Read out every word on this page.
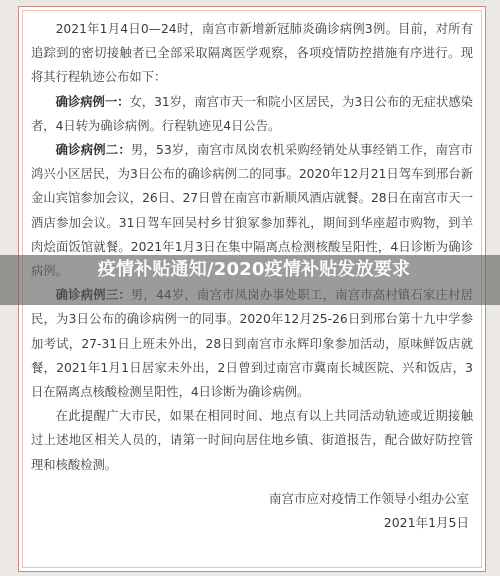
2021年1月4日0—24时，南宫市新增新冠肺炎确诊病例3例。目前，对所有追踪到的密切接触者已全部采取隔离医学观察，各项疫情防控措施有序进行。现将其行程轨迹公布如下：

确诊病例一：女，31岁，南宫市天一和院小区居民，为3日公布的无症状感染者，4日转为确诊病例。行程轨迹见4日公告。

确诊病例二：男，53岁，南宫市凤岗农机采购经销处从事经销工作，南宫市鸿兴小区居民，为3日公布的确诊病例二的同事。2020年12月21日驾车到邢台新金山宾馆参加会议，26日、27日曾在南宫市新顺风酒店就餐。28日在南宫市天一酒店参加会议。31日驾车回吴村乡甘狼冢参加葬礼，期间到华座超市购物，到羊肉烩面饭馆就餐。2021年1月3日在集中隔离点检测核酸呈阳性，4日诊断为确诊

民，为3日公布的确诊病例一的同事。2020年12月25-26日到邢台第十九中学参加考试，27-31日上班未外出，28日到南宫市永辉印象参加活动，原味鲜饭店就餐，2021年1月1日居家未外出，2日曾到过南宫市冀南长城医院、兴和饭店，3日在隔离点核酸检测呈阳性，4日诊断为确诊病例。

在此提醒广大市民，如果在相同时间、地点有以上共同活动轨迹或近期接触过上述地区相关人员的，请第一时间向居住地乡镇、街道报告，配合做好防控管理和核酸检测。

南宫市应对疫情工作领导小组办公室
2021年1月5日
疫情补贴通知/2020疫情补贴发放要求
